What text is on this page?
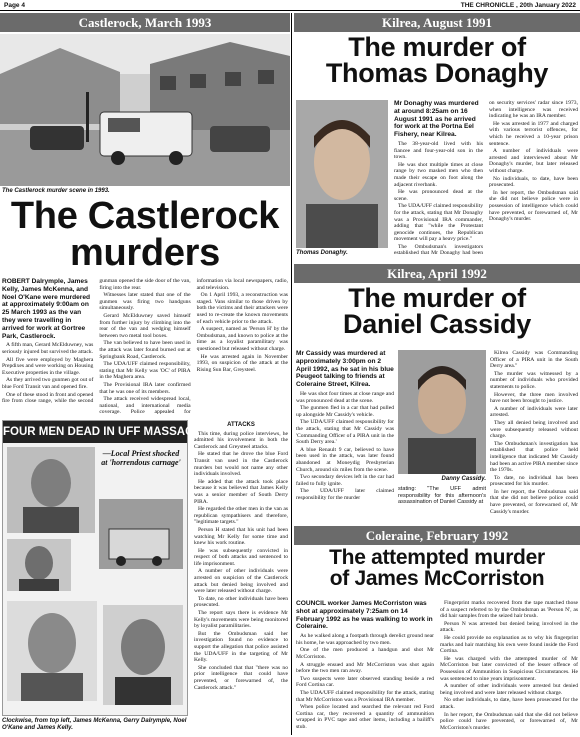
Page 4	THE CHRONICLE , 20th January 2022
Castlerock, March 1993
The Castlerock murder scene in 1993.
The Castlerock
murders

ROBERT Dalrymple, James Kelly, James McKenna, and Noel O'Kane were murdered at approximately 9:00am on 25 March 1993 as the van they were travelling in arrived for work at Gortree Park, Castlerock.

A fifth man, Gerard McElduwney, was seriously injured but survived the attack.

All five were employed by Maghera Prepdixes and were working on Housing Executive properties in the village.

As they arrived two gunmen got out of blue Ford Transit van and opened fire.

One of these stood in front and opened fire from close range, while the second gunman opened the side door of the van, firing into the rear.

Witnesses later stated that one of the gunmen was firing two handguns simultaneously.

Gerard McElduwney saved himself from further injury by climbing into the rear of the van and wedging himself between two metal tool boxes.

The van believed to have been used in the attack was later found burned out at Springbank Road, Castlerock.

The UDA/UFF claimed responsibility, stating that Mr Kelly was 'OC' of PIRA in the Maghera area.

The Provisional IRA later confirmed that he was one of its members.

The attack received widespread local, national, and international media coverage. Police appealed for information via local newspapers, radio, and television.

On 1 April 1993, a reconstruction was staged. Vans similar to those driven by both the victims and their attackers were used to re-create the known movements of each vehicle prior to the attack.

A suspect, named as 'Person H' by the Ombudsman, and known to police at the time as a loyalist paramilitary was questioned but released without charge.

He was arrested again in November 1993, on suspicion of the attack at the Rising Sun Bar, Greysteel.

FOUR MEN DEAD IN UFF MASSACRE
—Local Priest shocked at 'horrendous carnage'
Clockwise, from top left, James McKenna, Gerry Dalrymple, Noel O'Kane and James Kelly.
ATTACKS

This time, during police interviews, he admitted his involvement in both the Castlerock and Greysteel attacks.

He stated that he drove the blue Ford Transit van used in the Castlerock murders but would not name any other individuals involved.

He added that the attack took place because it was believed that James Kelly was a senior member of South Derry PIRA.

He regarded the other men in the van as republican sympathisers and therefore, "legitimate targets."

Person H stated that his unit had been watching Mr Kelly for some time and knew his work routine.

He was subsequently convicted in respect of both attacks and sentenced to life imprisonment.

A number of other individuals were arrested on suspicion of the Castlerock attack but denied being involved and were later released without charge.

To date, no other individuals have been prosecuted.

The report says there is evidence Mr Kelly's movements were being monitored by loyalist paramilitaries.

But the Ombudsman said her investigation found no evidence to support the allegation that police assisted the UDA/UFF in the targeting of Mr Kelly.

She concluded that that "there was no prior intelligence that could have prevented, or forewarned of, the Castlerock attack."

Kilrea, August 1991
The murder of
Thomas Donaghy
Thomas Donaghy.

Mr Donaghy was murdered at around 8:25am on 16 August 1991 as he arrived for work at the Portna Eel Fishery, near Kilrea.

The 38-year-old lived with his fiancee and four-year-old son in the town.

He was shot multiple times at close range by two masked men who then made their escape on foot along the adjacent riverbank.

He was pronounced dead at the scene.

The UDA/UFF claimed responsibility for the attack, stating that Mr Donaghy was a Provisional IRA commander, adding that "while the Protestant genocide continues, the Republican movement will pay a heavy price."

The Ombudsman's investigators established that Mr Donaghy had been on security services' radar since 1973, when intelligence was received indicating he was an IRA member.

He was arrested in 1977 and charged with various terrorist offences, for which he received a 10-year prison sentence.

A number of individuals were arrested and interviewed about Mr Donaghy's murder, but later released without charge.

No individuals, to date, have been prosecuted.

In her report, the Ombudsman said she did not believe police were in possession of intelligence which could have prevented, or forewarned of, Mr Donaghy's murder.

Kilrea, April 1992
The murder of
Daniel Cassidy

Mr Cassidy was murdered at approximately 3:00pm on 2 April 1992, as he sat in his blue Peugeot talking to friends at Coleraine Street, Kilrea.

He was shot four times at close range and was pronounced dead at the scene.

The gunmen fled in a car that had pulled up alongside Mr Cassidy's vehicle.

The UDA/UFF claimed responsibility for the attack, stating that Mr Cassidy was 'Commanding Officer of a PIRA unit in the South Derry area.'

A blue Renault 9 car, believed to have been used in the attack, was later found abandoned at Moneydig Presbyterian Church, around six miles from the scene.

Two secondary devices left in the car had failed to fully ignite.

The UDA/UFF later claimed responsibility for the murder

Danny Cassidy.
stating: "The UFF admit responsibility for this afternoon's assassination of Daniel Cassidy at

Kilrea Cassidy was Commanding Officer of a PIRA unit in the South Derry area."

The murder was witnessed by a number of individuals who provided statements to police.

However, the three men involved have not been brought to justice.

A number of individuals were later arrested.

They all denied being involved and were subsequently released without charge.

The Ombudsman's investigation has established that police held intelligence that indicated Mr Cassidy had been an active PIRA member since the 1970s.

To date, no individual has been prosecuted for his murder.

In her report, the Ombudsman said that she did not believe police could have prevented, or forewarned of, Mr Cassidy's murder.

Coleraine, February 1992
The attempted murder
of James McCorriston

COUNCIL worker James McCorriston was shot at approximately 7:25am on 14 February 1992 as he was walking to work in Coleraine.

As he walked along a footpath through derelict ground near his home, he was approached by two men.

One of the men produced a handgun and shot Mr McCorriston.

A struggle ensued and Mr McCorriston was shot again before the two men ran away.

Two suspects were later observed standing beside a red Ford Cortina car.

The UDA/UFF claimed responsibility for the attack, stating that Mr McCorriston was a Provisional IRA member.

When police located and searched the relevant red Ford Cortina car, they recovered a quantity of ammunition wrapped in PVC tape and other items, including a bailiff's stub.

Fingerprint marks recovered from the tape matched those of a suspect referred to by the Ombudsman as 'Person N', as did hair samples from the seized hair brush.

Person N was arrested but denied being involved in the attack.

He could provide no explanation as to why his fingerprint marks and hair matching his own were found inside the Ford Cortina.

He was charged with the attempted murder of Mr McCorriston but later convicted of the lesser offence of Possession of Ammunition in Suspicious Circumstances. He was sentenced to nine years imprisonment.

A number of other individuals were arrested but denied being involved and were later released without charge.

No other individuals, to date, have been prosecuted for the attack.

In her report, the Ombudsman said that she did not believe police could have prevented, or forewarned of, Mr McCorriston's murder.
